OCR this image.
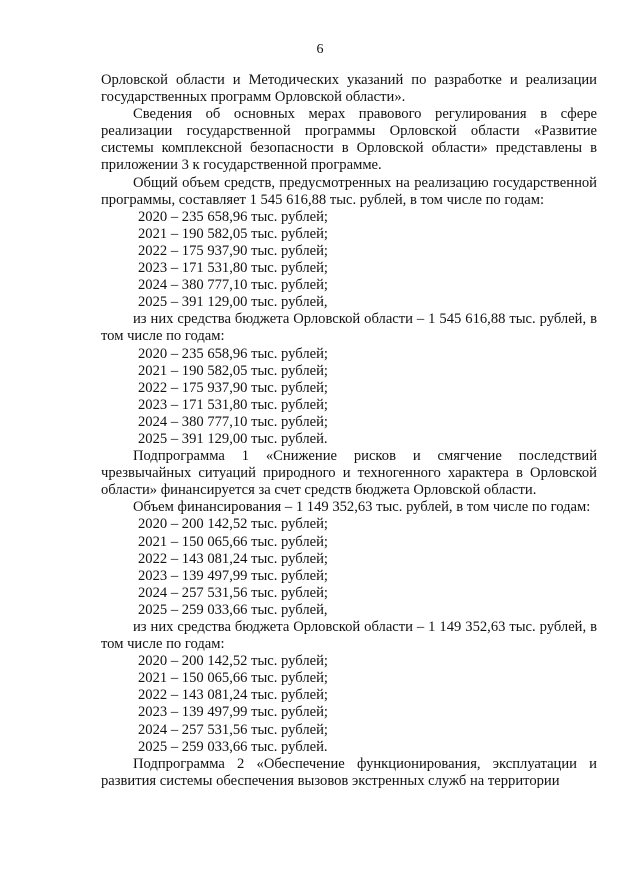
6

Орловской области и Методических указаний по разработке и реализации государственных программ Орловской области».

Сведения об основных мерах правового регулирования в сфере реализации государственной программы Орловской области «Развитие системы комплексной безопасности в Орловской области» представлены в приложении 3 к государственной программе.

Общий объем средств, предусмотренных на реализацию государственной программы, составляет 1 545 616,88 тыс. рублей, в том числе по годам:

2020 – 235 658,96 тыс. рублей;

2021 – 190 582,05 тыс. рублей;

2022 – 175 937,90 тыс. рублей;

2023 – 171 531,80 тыс. рублей;

2024 – 380 777,10 тыс. рублей;

2025 – 391 129,00 тыс. рублей,

из них средства бюджета Орловской области – 1 545 616,88 тыс. рублей, в том числе по годам:

2020 – 235 658,96 тыс. рублей;

2021 – 190 582,05 тыс. рублей;

2022 – 175 937,90 тыс. рублей;

2023 – 171 531,80 тыс. рублей;

2024 – 380 777,10 тыс. рублей;

2025 – 391 129,00 тыс. рублей.

Подпрограмма 1 «Снижение рисков и смягчение последствий чрезвычайных ситуаций природного и техногенного характера в Орловской области» финансируется за счет средств бюджета Орловской области.

Объем финансирования – 1 149 352,63 тыс. рублей, в том числе по годам:

2020 – 200 142,52 тыс. рублей;

2021 – 150 065,66 тыс. рублей;

2022 – 143 081,24 тыс. рублей;

2023 – 139 497,99 тыс. рублей;

2024 – 257 531,56 тыс. рублей;

2025 – 259 033,66 тыс. рублей,

из них средства бюджета Орловской области – 1 149 352,63 тыс. рублей, в том числе по годам:

2020 – 200 142,52 тыс. рублей;

2021 – 150 065,66 тыс. рублей;

2022 – 143 081,24 тыс. рублей;

2023 – 139 497,99 тыс. рублей;

2024 – 257 531,56 тыс. рублей;

2025 – 259 033,66 тыс. рублей.

Подпрограмма 2 «Обеспечение функционирования, эксплуатации и развития системы обеспечения вызовов экстренных служб на территории
